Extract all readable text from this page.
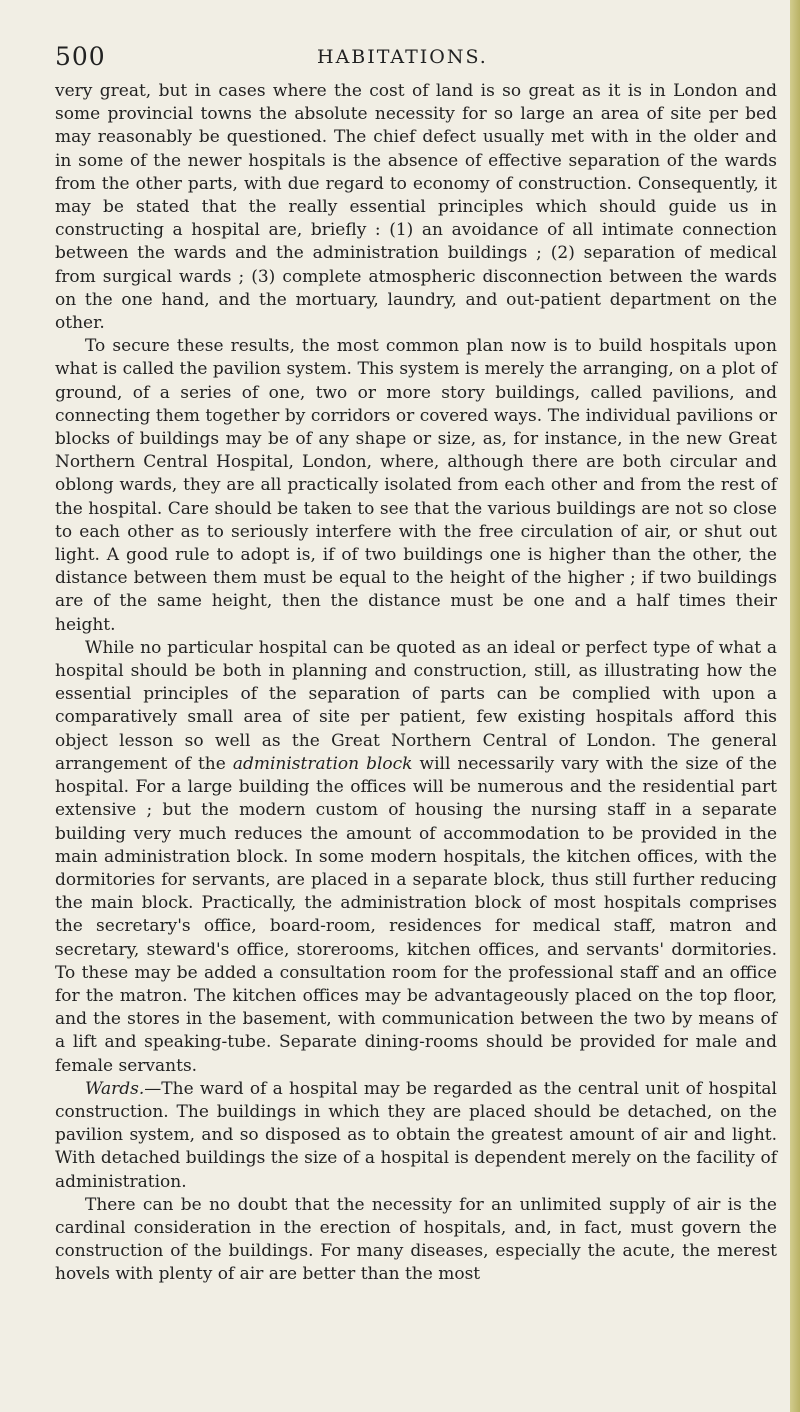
500	HABITATIONS.

very great, but in cases where the cost of land is so great as it is in London and some provincial towns the absolute necessity for so large an area of site per bed may reasonably be questioned. The chief defect usually met with in the older and in some of the newer hospitals is the absence of effective separation of the wards from the other parts, with due regard to economy of construction. Consequently, it may be stated that the really essential principles which should guide us in constructing a hospital are, briefly : (1) an avoidance of all intimate connection between the wards and the administration buildings ; (2) separation of medical from surgical wards ; (3) complete atmospheric disconnection between the wards on the one hand, and the mortuary, laundry, and out-patient department on the other.

To secure these results, the most common plan now is to build hospitals upon what is called the pavilion system. This system is merely the arranging, on a plot of ground, of a series of one, two or more story buildings, called pavilions, and connecting them together by corridors or covered ways. The individual pavilions or blocks of buildings may be of any shape or size, as, for instance, in the new Great Northern Central Hospital, London, where, although there are both circular and oblong wards, they are all practically isolated from each other and from the rest of the hospital. Care should be taken to see that the various buildings are not so close to each other as to seriously interfere with the free circulation of air, or shut out light. A good rule to adopt is, if of two buildings one is higher than the other, the distance between them must be equal to the height of the higher ; if two buildings are of the same height, then the distance must be one and a half times their height.

While no particular hospital can be quoted as an ideal or perfect type of what a hospital should be both in planning and construction, still, as illustrating how the essential principles of the separation of parts can be complied with upon a comparatively small area of site per patient, few existing hospitals afford this object lesson so well as the Great Northern Central of London. The general arrangement of the administration block will necessarily vary with the size of the hospital. For a large building the offices will be numerous and the residential part extensive ; but the modern custom of housing the nursing staff in a separate building very much reduces the amount of accommodation to be provided in the main administration block. In some modern hospitals, the kitchen offices, with the dormitories for servants, are placed in a separate block, thus still further reducing the main block. Practically, the administration block of most hospitals comprises the secretary's office, board-room, residences for medical staff, matron and secretary, steward's office, storerooms, kitchen offices, and servants' dormitories. To these may be added a consultation room for the professional staff and an office for the matron. The kitchen offices may be advantageously placed on the top floor, and the stores in the basement, with communication between the two by means of a lift and speaking-tube. Separate dining-rooms should be provided for male and female servants.

Wards.—The ward of a hospital may be regarded as the central unit of hospital construction. The buildings in which they are placed should be detached, on the pavilion system, and so disposed as to obtain the greatest amount of air and light. With detached buildings the size of a hospital is dependent merely on the facility of administration.

There can be no doubt that the necessity for an unlimited supply of air is the cardinal consideration in the erection of hospitals, and, in fact, must govern the construction of the buildings. For many diseases, especially the acute, the merest hovels with plenty of air are better than the most
